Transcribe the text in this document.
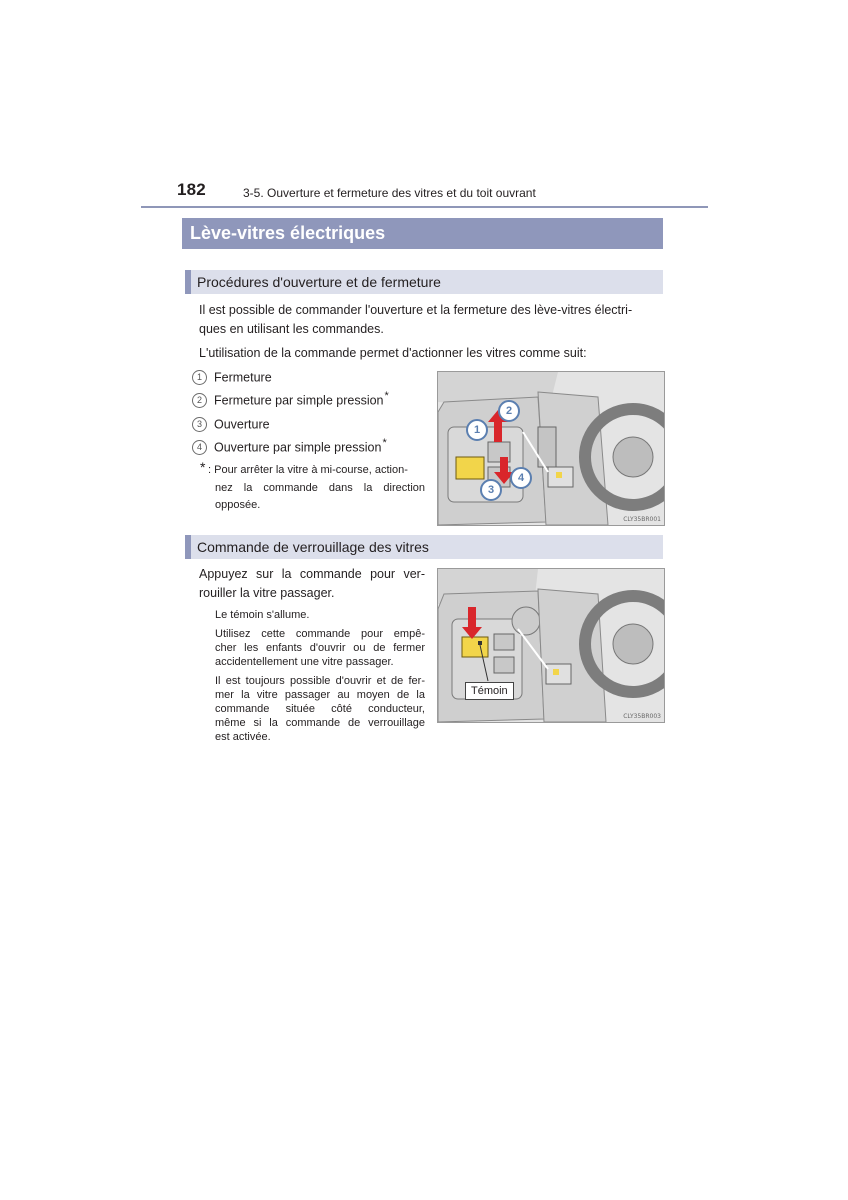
182	3-5. Ouverture et fermeture des vitres et du toit ouvrant
Lève-vitres électriques
Procédures d'ouverture et de fermeture
Il est possible de commander l'ouverture et la fermeture des lève-vitres électri-
ques en utilisant les commandes.
L'utilisation de la commande permet d'actionner les vitres comme suit:
1 Fermeture
2 Fermeture par simple pression*
3 Ouverture
4 Ouverture par simple pression*
* : Pour arrêter la vitre à mi-course, action-
nez la commande dans la direction
opposée.
1
2
3
4
CLY35BR001
Commande de verrouillage des vitres
Appuyez sur la commande pour ver-
rouiller la vitre passager.
Le témoin s'allume.
Utilisez cette commande pour empê-
cher les enfants d'ouvrir ou de fermer
accidentellement une vitre passager.
Il est toujours possible d'ouvrir et de fer-
mer la vitre passager au moyen de la
commande située côté conducteur,
même si la commande de verrouillage
est activée.
Témoin
CLY35BR003
